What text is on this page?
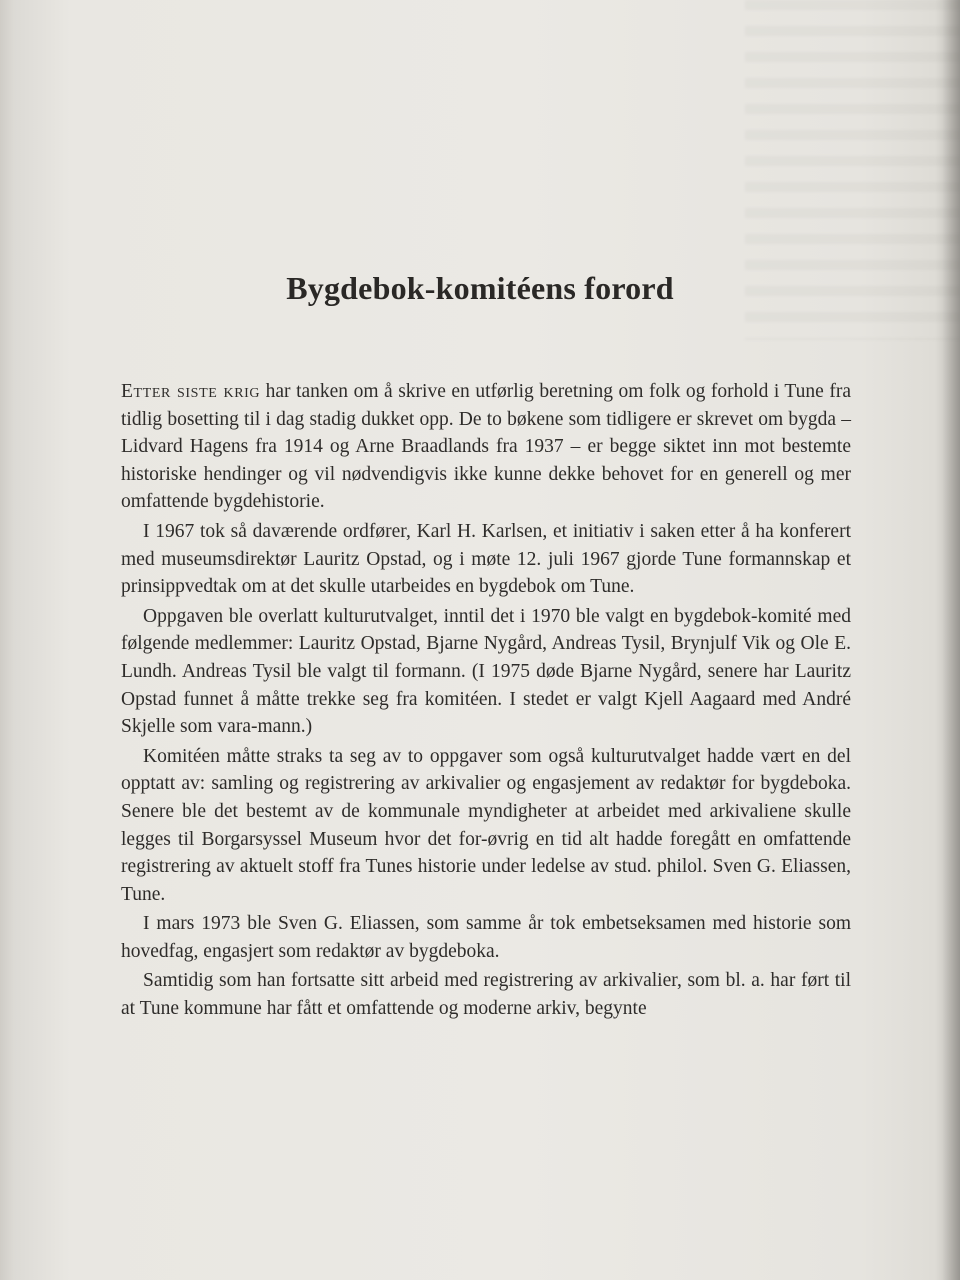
Bygdebok-komitéens forord

Etter siste krig har tanken om å skrive en utførlig beretning om folk og forhold i Tune fra tidlig bosetting til i dag stadig dukket opp. De to bøkene som tidligere er skrevet om bygda – Lidvard Hagens fra 1914 og Arne Braadlands fra 1937 – er begge siktet inn mot bestemte historiske hendinger og vil nødvendigvis ikke kunne dekke behovet for en generell og mer omfattende bygdehistorie.

I 1967 tok så daværende ordfører, Karl H. Karlsen, et initiativ i saken etter å ha konferert med museumsdirektør Lauritz Opstad, og i møte 12. juli 1967 gjorde Tune formannskap et prinsippvedtak om at det skulle utarbeides en bygdebok om Tune.

Oppgaven ble overlatt kulturutvalget, inntil det i 1970 ble valgt en bygdebok-komité med følgende medlemmer: Lauritz Opstad, Bjarne Nygård, Andreas Tysil, Brynjulf Vik og Ole E. Lundh. Andreas Tysil ble valgt til formann. (I 1975 døde Bjarne Nygård, senere har Lauritz Opstad funnet å måtte trekke seg fra komitéen. I stedet er valgt Kjell Aagaard med André Skjelle som vara-mann.)

Komitéen måtte straks ta seg av to oppgaver som også kulturutvalget hadde vært en del opptatt av: samling og registrering av arkivalier og engasjement av redaktør for bygdeboka. Senere ble det bestemt av de kommunale myndigheter at arbeidet med arkivaliene skulle legges til Borgarsyssel Museum hvor det for-øvrig en tid alt hadde foregått en omfattende registrering av aktuelt stoff fra Tunes historie under ledelse av stud. philol. Sven G. Eliassen, Tune.

I mars 1973 ble Sven G. Eliassen, som samme år tok embetseksamen med historie som hovedfag, engasjert som redaktør av bygdeboka.

Samtidig som han fortsatte sitt arbeid med registrering av arkivalier, som bl. a. har ført til at Tune kommune har fått et omfattende og moderne arkiv, begynte
